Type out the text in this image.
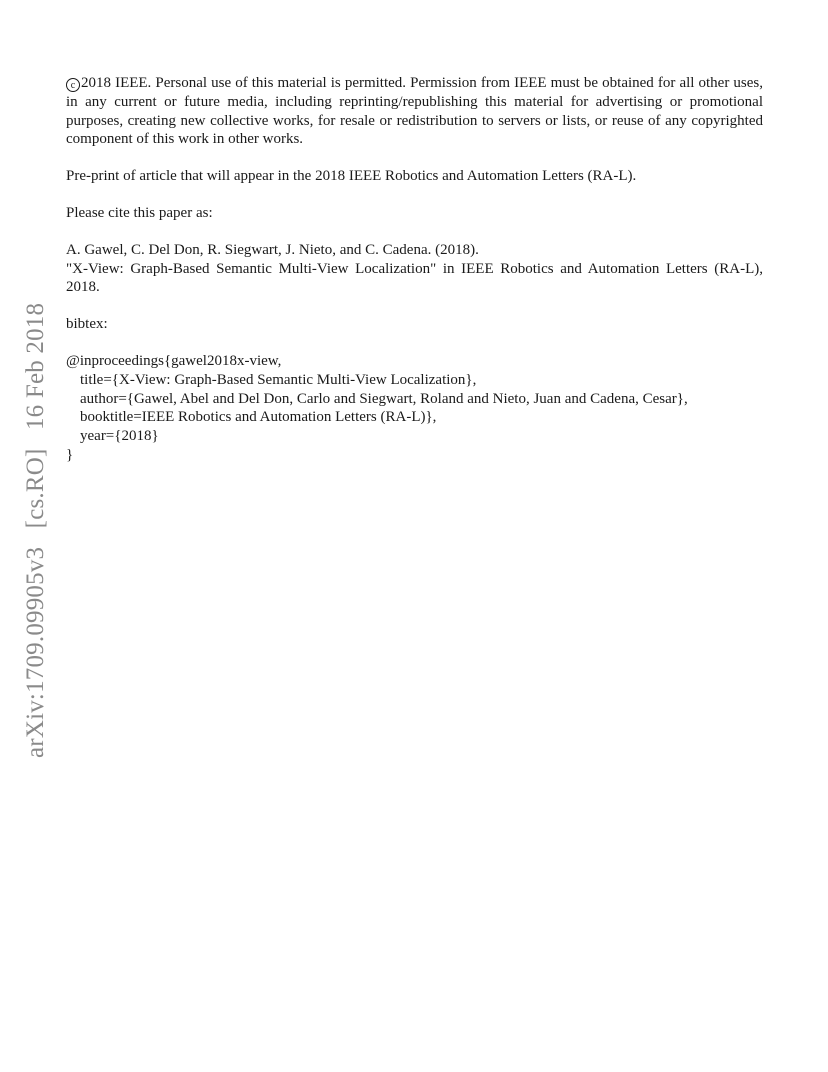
arXiv:1709.09905v3 [cs.RO] 16 Feb 2018

c 2018 IEEE. Personal use of this material is permitted. Permission from IEEE must be obtained for all other uses, in any current or future media, including reprinting/republishing this material for advertising or promotional purposes, creating new collective works, for resale or redistribution to servers or lists, or reuse of any copyrighted component of this work in other works.

Pre-print of article that will appear in the 2018 IEEE Robotics and Automation Letters (RA-L).

Please cite this paper as:

A. Gawel, C. Del Don, R. Siegwart, J. Nieto, and C. Cadena. (2018).
"X-View: Graph-Based Semantic Multi-View Localization" in IEEE Robotics and Automation Letters (RA-L), 2018.

bibtex:

@inproceedings{gawel2018x-view,
title={X-View: Graph-Based Semantic Multi-View Localization},
author={Gawel, Abel and Del Don, Carlo and Siegwart, Roland and Nieto, Juan and Cadena, Cesar},
booktitle=IEEE Robotics and Automation Letters (RA-L)},
year={2018}
}
